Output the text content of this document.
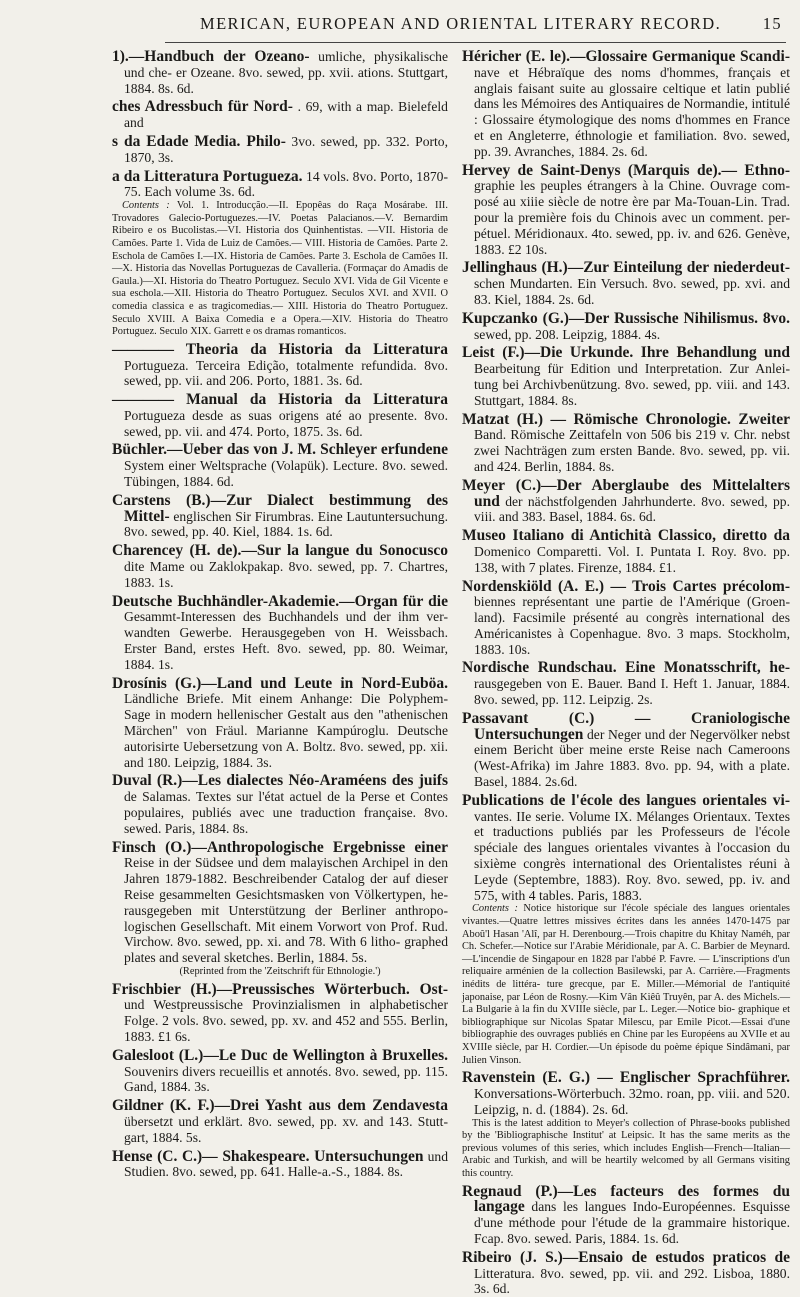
MERICAN, EUROPEAN AND ORIENTAL LITERARY RECORD.	15

1).—Handbuch der Ozeano- umliche, physikalische und che- er Ozeane. 8vo. sewed, pp. xvii. ations. Stuttgart, 1884. 8s. 6d.

ches Adressbuch für Nord- . 69, with a map. Bielefeld and

s da Edade Media. Philo- 3vo. sewed, pp. 332. Porto, 1870, 3s.

a da Litteratura Portugueza. 14 vols. 8vo. Porto, 1870-75. Each volume 3s. 6d.

Contents : Vol. 1. Introducção.—II. Epopêas do Raça Mosárabe. III. Trovadores Galecio-Portuguezes.—IV. Poetas Palacianos.—V. Bernardim Ribeiro e os Bucolistas.—VI. Historia dos Quinhentistas. —VII. Historia de Camões. Parte 1. Vida de Luiz de Camões.— VIII. Historia de Camões. Parte 2. Eschola de Camões I.—IX. Historia de Camões. Parte 3. Eschola de Camões II.—X. Historia das Novellas Portuguezas de Cavalleria. (Formaçar do Amadis de Gaula.)—XI. Historia do Theatro Portuguez. Seculo XVI. Vida de Gil Vicente e sua eschola.—XII. Historia do Theatro Portuguez. Seculos XVI. and XVII. O comedia classica e as tragicomedias.— XIII. Historia do Theatro Portuguez. Seculo XVIII. A Baixa Comedia e a Opera.—XIV. Historia do Theatro Portuguez. Seculo XIX. Garrett e os dramas romanticos.

———— Theoria da Historia da Litteratura Portugueza. Terceira Edição, totalmente refundida. 8vo. sewed, pp. vii. and 206. Porto, 1881. 3s. 6d.

———— Manual da Historia da Litteratura Portugueza desde as suas origens até ao presente. 8vo. sewed, pp. vii. and 474. Porto, 1875. 3s. 6d.

Büchler.—Ueber das von J. M. Schleyer erfundene System einer Weltsprache (Volapük). Lecture. 8vo. sewed. Tübingen, 1884. 6d.

Carstens (B.)—Zur Dialect bestimmung des Mittel- englischen Sir Firumbras. Eine Lautuntersuchung. 8vo. sewed, pp. 40. Kiel, 1884. 1s. 6d.

Charencey (H. de).—Sur la langue du Sonocusco dite Mame ou Zaklokpakap. 8vo. sewed, pp. 7. Chartres, 1883. 1s.

Deutsche Buchhändler-Akademie.—Organ für die Gesammt-Interessen des Buchhandels und der ihm ver- wandten Gewerbe. Herausgegeben von H. Weissbach. Erster Band, erstes Heft. 8vo. sewed, pp. 80. Weimar, 1884. 1s.

Drosínis (G.)—Land und Leute in Nord-Euböa. Ländliche Briefe. Mit einem Anhange: Die Polyphem- Sage in modern hellenischer Gestalt aus den "athenischen Märchen" von Fräul. Marianne Kampúroglu. Deutsche autorisirte Uebersetzung von A. Boltz. 8vo. sewed, pp. xii. and 180. Leipzig, 1884. 3s.

Duval (R.)—Les dialectes Néo-Araméens des juifs de Salamas. Textes sur l'état actuel de la Perse et Contes populaires, publiés avec une traduction française. 8vo. sewed. Paris, 1884. 8s.

Finsch (O.)—Anthropologische Ergebnisse einer Reise in der Südsee und dem malayischen Archipel in den Jahren 1879-1882. Beschreibender Catalog der auf dieser Reise gesammelten Gesichtsmasken von Völkertypen, he- rausgegeben mit Unterstützung der Berliner anthropo- logischen Gesellschaft. Mit einem Vorwort von Prof. Rud. Virchow. 8vo. sewed, pp. xi. and 78. With 6 litho- graphed plates and several sketches. Berlin, 1884. 5s.

(Reprinted from the 'Zeitschrift für Ethnologie.')

Frischbier (H.)—Preussisches Wörterbuch. Ost- und Westpreussische Provinzialismen in alphabetischer Folge. 2 vols. 8vo. sewed, pp. xv. and 452 and 555. Berlin, 1883. £1 6s.

Galesloot (L.)—Le Duc de Wellington à Bruxelles. Souvenirs divers recueillis et annotés. 8vo. sewed, pp. 115. Gand, 1884. 3s.

Gildner (K. F.)—Drei Yasht aus dem Zendavesta übersetzt und erklärt. 8vo. sewed, pp. xv. and 143. Stutt- gart, 1884. 5s.

Hense (C. C.)— Shakespeare. Untersuchungen und Studien. 8vo. sewed, pp. 641. Halle-a.-S., 1884. 8s.

Héricher (E. le).—Glossaire Germanique Scandi- nave et Hébraïque des noms d'hommes, français et anglais faisant suite au glossaire celtique et latin publié dans les Mémoires des Antiquaires de Normandie, intitulé : Glossaire étymologique des noms d'hommes en France et en Angleterre, éthnologie et familiation. 8vo. sewed, pp. 39. Avranches, 1884. 2s. 6d.

Hervey de Saint-Denys (Marquis de).— Ethno- graphie les peuples étrangers à la Chine. Ouvrage com- posé au xiiie siècle de notre ère par Ma-Touan-Lin. Trad. pour la première fois du Chinois avec un comment. per- pétuel. Méridionaux. 4to. sewed, pp. iv. and 626. Genève, 1883. £2 10s.

Jellinghaus (H.)—Zur Einteilung der niederdeut- schen Mundarten. Ein Versuch. 8vo. sewed, pp. xvi. and 83. Kiel, 1884. 2s. 6d.

Kupczanko (G.)—Der Russische Nihilismus. 8vo. sewed, pp. 208. Leipzig, 1884. 4s.

Leist (F.)—Die Urkunde. Ihre Behandlung und Bearbeitung für Edition und Interpretation. Zur Anlei- tung bei Archivbenützung. 8vo. sewed, pp. viii. and 143. Stuttgart, 1884. 8s.

Matzat (H.) — Römische Chronologie. Zweiter Band. Römische Zeittafeln von 506 bis 219 v. Chr. nebst zwei Nachträgen zum ersten Bande. 8vo. sewed, pp. vii. and 424. Berlin, 1884. 8s.

Meyer (C.)—Der Aberglaube des Mittelalters und der nächstfolgenden Jahrhunderte. 8vo. sewed, pp. viii. and 383. Basel, 1884. 6s. 6d.

Museo Italiano di Antichità Classico, diretto da Domenico Comparetti. Vol. I. Puntata I. Roy. 8vo. pp. 138, with 7 plates. Firenze, 1884. £1.

Nordenskiöld (A. E.) — Trois Cartes précolom- biennes représentant une partie de l'Amérique (Groen- land). Facsimile présenté au congrès international des Américanistes à Copenhague. 8vo. 3 maps. Stockholm, 1883. 10s.

Nordische Rundschau. Eine Monatsschrift, he- rausgegeben von E. Bauer. Band I. Heft 1. Januar, 1884. 8vo. sewed, pp. 112. Leipzig. 2s.

Passavant (C.) — Craniologische Untersuchungen der Neger und der Negervölker nebst einem Bericht über meine erste Reise nach Cameroons (West-Afrika) im Jahre 1883. 8vo. pp. 94, with a plate. Basel, 1884. 2s.6d.

Publications de l'école des langues orientales vi- vantes. IIe serie. Volume IX. Mélanges Orientaux. Textes et traductions publiés par les Professeurs de l'école spéciale des langues orientales vivantes à l'occasion du sixième congrès international des Orientalistes réuni à Leyde (Septembre, 1883). Roy. 8vo. sewed, pp. iv. and 575, with 4 tables. Paris, 1883.

Contents : Notice historique sur l'école spéciale des langues orientales vivantes.—Quatre lettres missives écrites dans les années 1470-1475 par Aboû'l Hasan 'Alî, par H. Derenbourg.—Trois chapitre du Khitay Naméh, par Ch. Schefer.—Notice sur l'Arabie Méridionale, par A. C. Barbier de Meynard.—L'incendie de Singapour en 1828 par l'abbé P. Favre. — L'inscriptions d'un reliquaire arménien de la collection Basilewski, par A. Carrière.—Fragments inédits de littéra- ture grecque, par E. Miller.—Mémorial de l'antiquité japonaise, par Léon de Rosny.—Kim Vân Kiêû Truyên, par A. des Michels.—La Bulgarie à la fin du XVIIIe siècle, par L. Leger.—Notice bio- graphique et bibliographique sur Nicolas Spatar Milescu, par Emile Picot.—Essai d'une bibliographie des ouvrages publiés en Chine par les Européens au XVIIe et au XVIIIe siècle, par H. Cordier.—Un épisode du poème épique Sindâmani, par Julien Vinson.

Ravenstein (E. G.) — Englischer Sprachführer. Konversations-Wörterbuch. 32mo. roan, pp. viii. and 520. Leipzig, n. d. (1884). 2s. 6d.

This is the latest addition to Meyer's collection of Phrase-books published by the 'Bibliographische Institut' at Leipsic. It has the same merits as the previous volumes of this series, which includes English—French—Italian—Arabic and Turkish, and will be heartily welcomed by all Germans visiting this country.

Regnaud (P.)—Les facteurs des formes du langage dans les langues Indo-Européennes. Esquisse d'une méthode pour l'étude de la grammaire historique. Fcap. 8vo. sewed. Paris, 1884. 1s. 6d.

Ribeiro (J. S.)—Ensaio de estudos praticos de Litteratura. 8vo. sewed, pp. vii. and 292. Lisboa, 1880. 3s. 6d.
